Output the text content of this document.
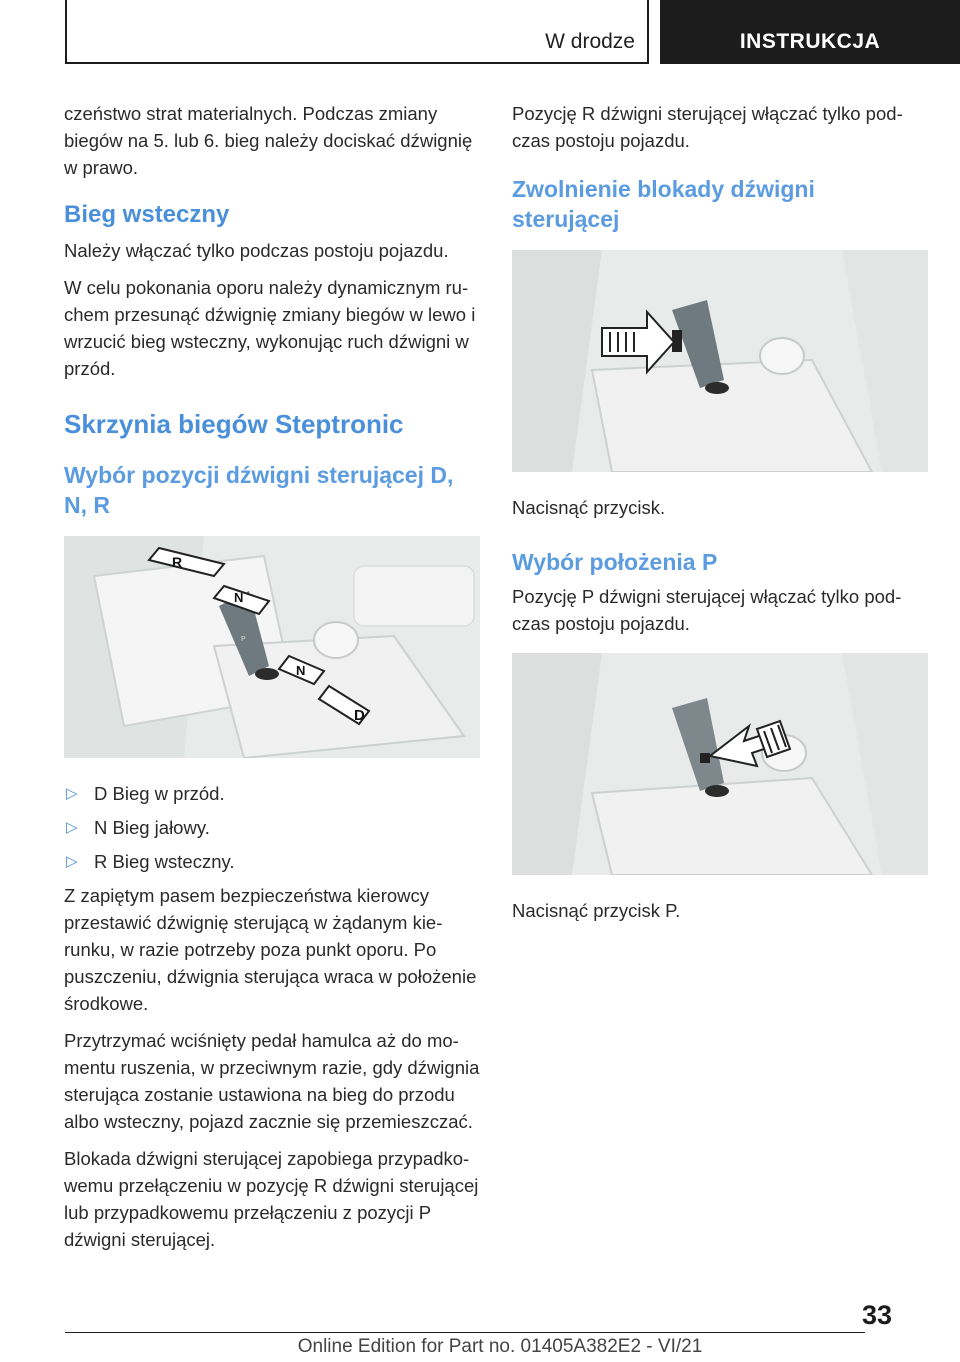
W drodze	INSTRUKCJA

czeństwo strat materialnych. Podczas zmiany biegów na 5. lub 6. bieg należy dociskać dźwignię w prawo.

Bieg wsteczny

Należy włączać tylko podczas postoju pojazdu.

W celu pokonania oporu należy dynamicznym ruchem przesunąć dźwignię zmiany biegów w lewo i wrzucić bieg wsteczny, wykonując ruch dźwigni w przód.

Skrzynia biegów Steptronic
Wybór pozycji dźwigni sterującej D, N, R
R
N
N
D
P
▷ D Bieg w przód.
▷ N Bieg jałowy.
▷ R Bieg wsteczny.

Z zapiętym pasem bezpieczeństwa kierowcy przestawić dźwignię sterującą w żądanym kierunku, w razie potrzeby poza punkt oporu. Po puszczeniu, dźwignia sterująca wraca w położenie środkowe.

Przytrzymać wciśnięty pedał hamulca aż do momentu ruszenia, w przeciwnym razie, gdy dźwignia sterująca zostanie ustawiona na bieg do przodu albo wsteczny, pojazd zacznie się przemieszczać.

Blokada dźwigni sterującej zapobiega przypadkowemu przełączeniu w pozycję R dźwigni sterującej lub przypadkowemu przełączeniu z pozycji P dźwigni sterującej.

Pozycję R dźwigni sterującej włączać tylko podczas postoju pojazdu.

Zwolnienie blokady dźwigni sterującej

Nacisnąć przycisk.

Wybór położenia P

Pozycję P dźwigni sterującej włączać tylko podczas postoju pojazdu.

Nacisnąć przycisk P.

33
Online Edition for Part no. 01405A382E2 - VI/21
